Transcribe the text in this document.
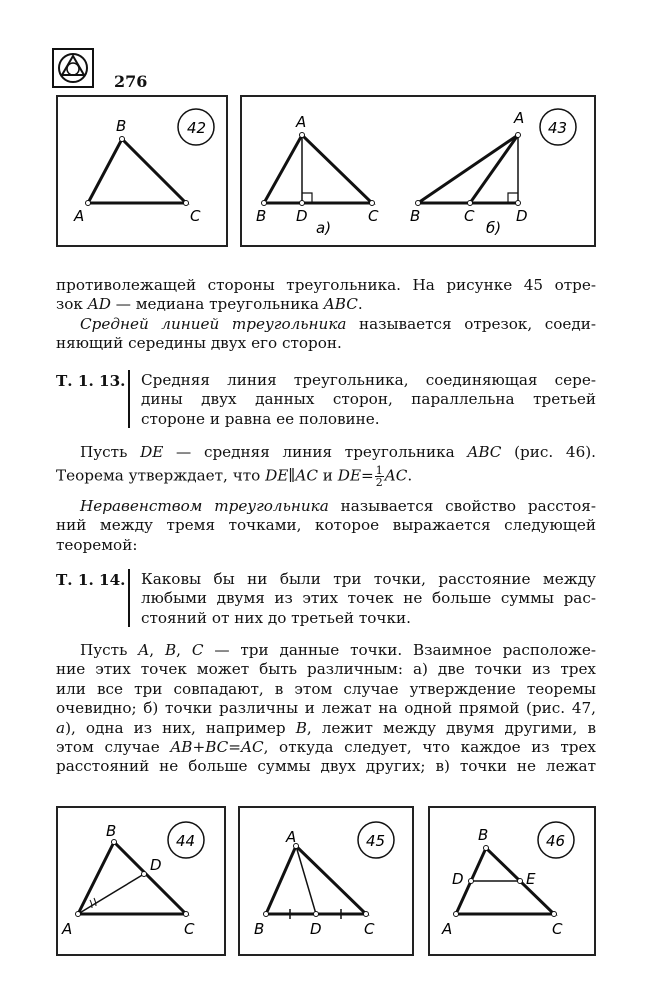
276
42
A
B
C
A
B D	C
а)
A
B	C	D
б)
43
противолежащей стороны треугольника. На рисунке 45 отре-
зок AD — медиана треугольника ABC.
Средней линией треугольника называется отрезок, соеди-
няющий середины двух его сторон.
Т. 1. 13. Средняя линия треугольника, соединяющая сере-
дины двух данных сторон, параллельна третьей
стороне и равна ее половине.
Пусть DE — средняя линия треугольника ABC (рис. 46).
Теорема утверждает, что DE∥AC и $DE= \frac{1}{2}$ AC.
Неравенством треугольника называется свойство расстоя-
ний между тремя точками, которое выражается следующей
теоремой:
Т. 1. 14. Каковы бы ни были три точки, расстояние между
любыми двумя из этих точек не больше суммы рас-
стояний от них до третьей точки.
Пусть A, B, C — три данные точки. Взаимное расположе-
ние этих точек может быть различным: а) две точки из трех
или все три совпадают, в этом случае утверждение теоремы
очевидно; б) точки различны и лежат на одной прямой (рис. 47,
а), одна из них, например B, лежит между двумя другими, в
этом случае AB+BC=AC, откуда следует, что каждое из трех
расстояний не больше суммы двух других; в) точки не лежат
44
A
B
C
D
45
A
B	D	C
46
A
B
C
D	E
